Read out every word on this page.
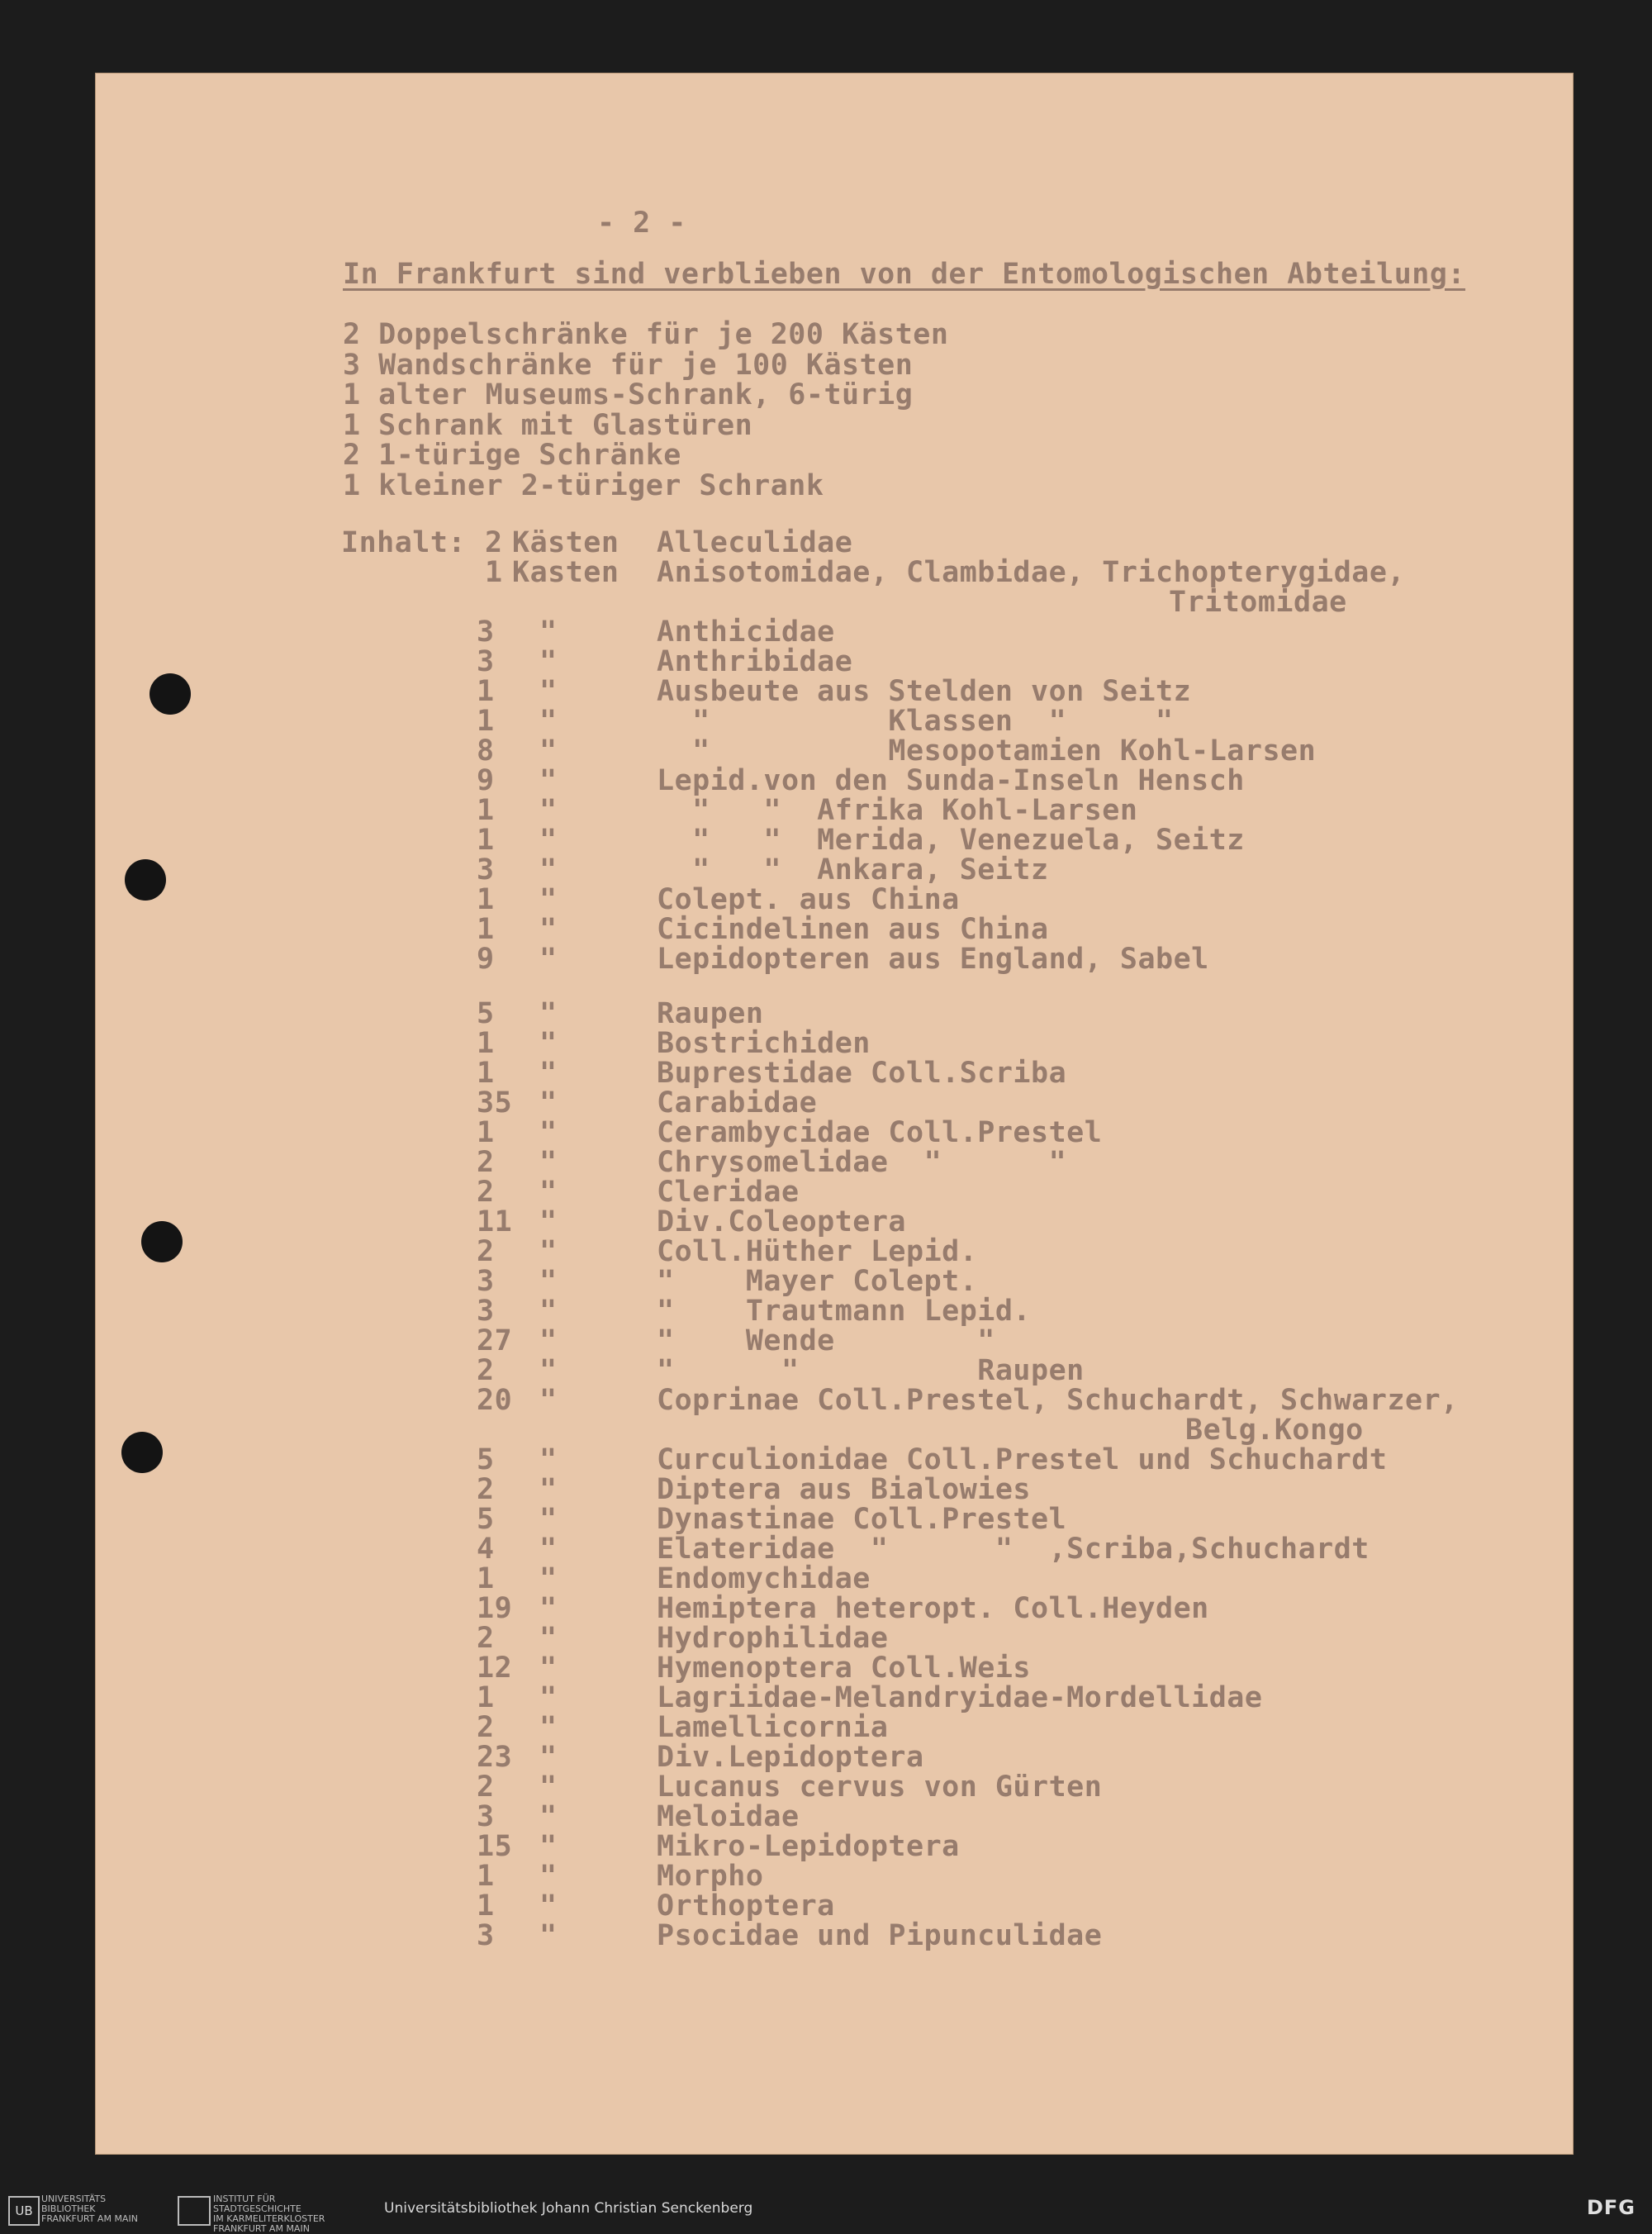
- 2 -
In Frankfurt sind verblieben von der Entomologischen Abteilung:
2 Doppelschränke für je 200 Kästen
3 Wandschränke für je 100 Kästen
1 alter Museums-Schrank, 6-türig
1 Schrank mit Glastüren
2 1-türige Schränke
1 kleiner 2-türiger Schrank
Inhalt: 2 Kästen Alleculidae
1 Kasten Anisotomidae, Clambidae, Trichopterygidae,
Tritomidae
3 "	Anthicidae
3 "	Anthribidae
1 "	Ausbeute aus Stelden von Seitz
1 "	"          Klassen  "     "
8 "	"          Mesopotamien Kohl-Larsen
9 "	Lepid.von den Sunda-Inseln Hensch
1 "	"   "  Afrika Kohl-Larsen
1 "	"   "  Merida, Venezuela, Seitz
3 "	"   "  Ankara, Seitz
1 "	Colept. aus China
1 "	Cicindelinen aus China
9 "	Lepidopteren aus England, Sabel
5 "	Raupen
1 "	Bostrichiden
1 "	Buprestidae Coll.Scriba
35 "	Carabidae
1 "	Cerambycidae Coll.Prestel
2 "	Chrysomelidae  "      "
2 "	Cleridae
11 "	Div.Coleoptera
2 "	Coll.Hüther Lepid.
3 "	"    Mayer Colept.
3 "	"    Trautmann Lepid.
27 "	"    Wende        "
2 "	"      "          Raupen
20 "	Coprinae Coll.Prestel, Schuchardt, Schwarzer,
Belg.Kongo
5 "	Curculionidae Coll.Prestel und Schuchardt
2 "	Diptera aus Bialowies
5 "	Dynastinae Coll.Prestel
4 "	Elateridae  "      "  ,Scriba,Schuchardt
1 "	Endomychidae
19 "	Hemiptera heteropt. Coll.Heyden
2 "	Hydrophilidae
12 "	Hymenoptera Coll.Weis
1 "	Lagriidae-Melandryidae-Mordellidae
2 "	Lamellicornia
23 "	Div.Lepidoptera
2 "	Lucanus cervus von Gürten
3 "	Meloidae
15 "	Mikro-Lepidoptera
1 "	Morpho
1 "	Orthoptera
3 "	Psocidae und Pipunculidae
UB
UNIVERSITÄTS
BIBLIOTHEK
FRANKFURT AM MAIN
INSTITUT FÜR
STADTGESCHICHTE
IM KARMELITERKLOSTER
FRANKFURT AM MAIN
Universitätsbibliothek Johann Christian Senckenberg	DFG
